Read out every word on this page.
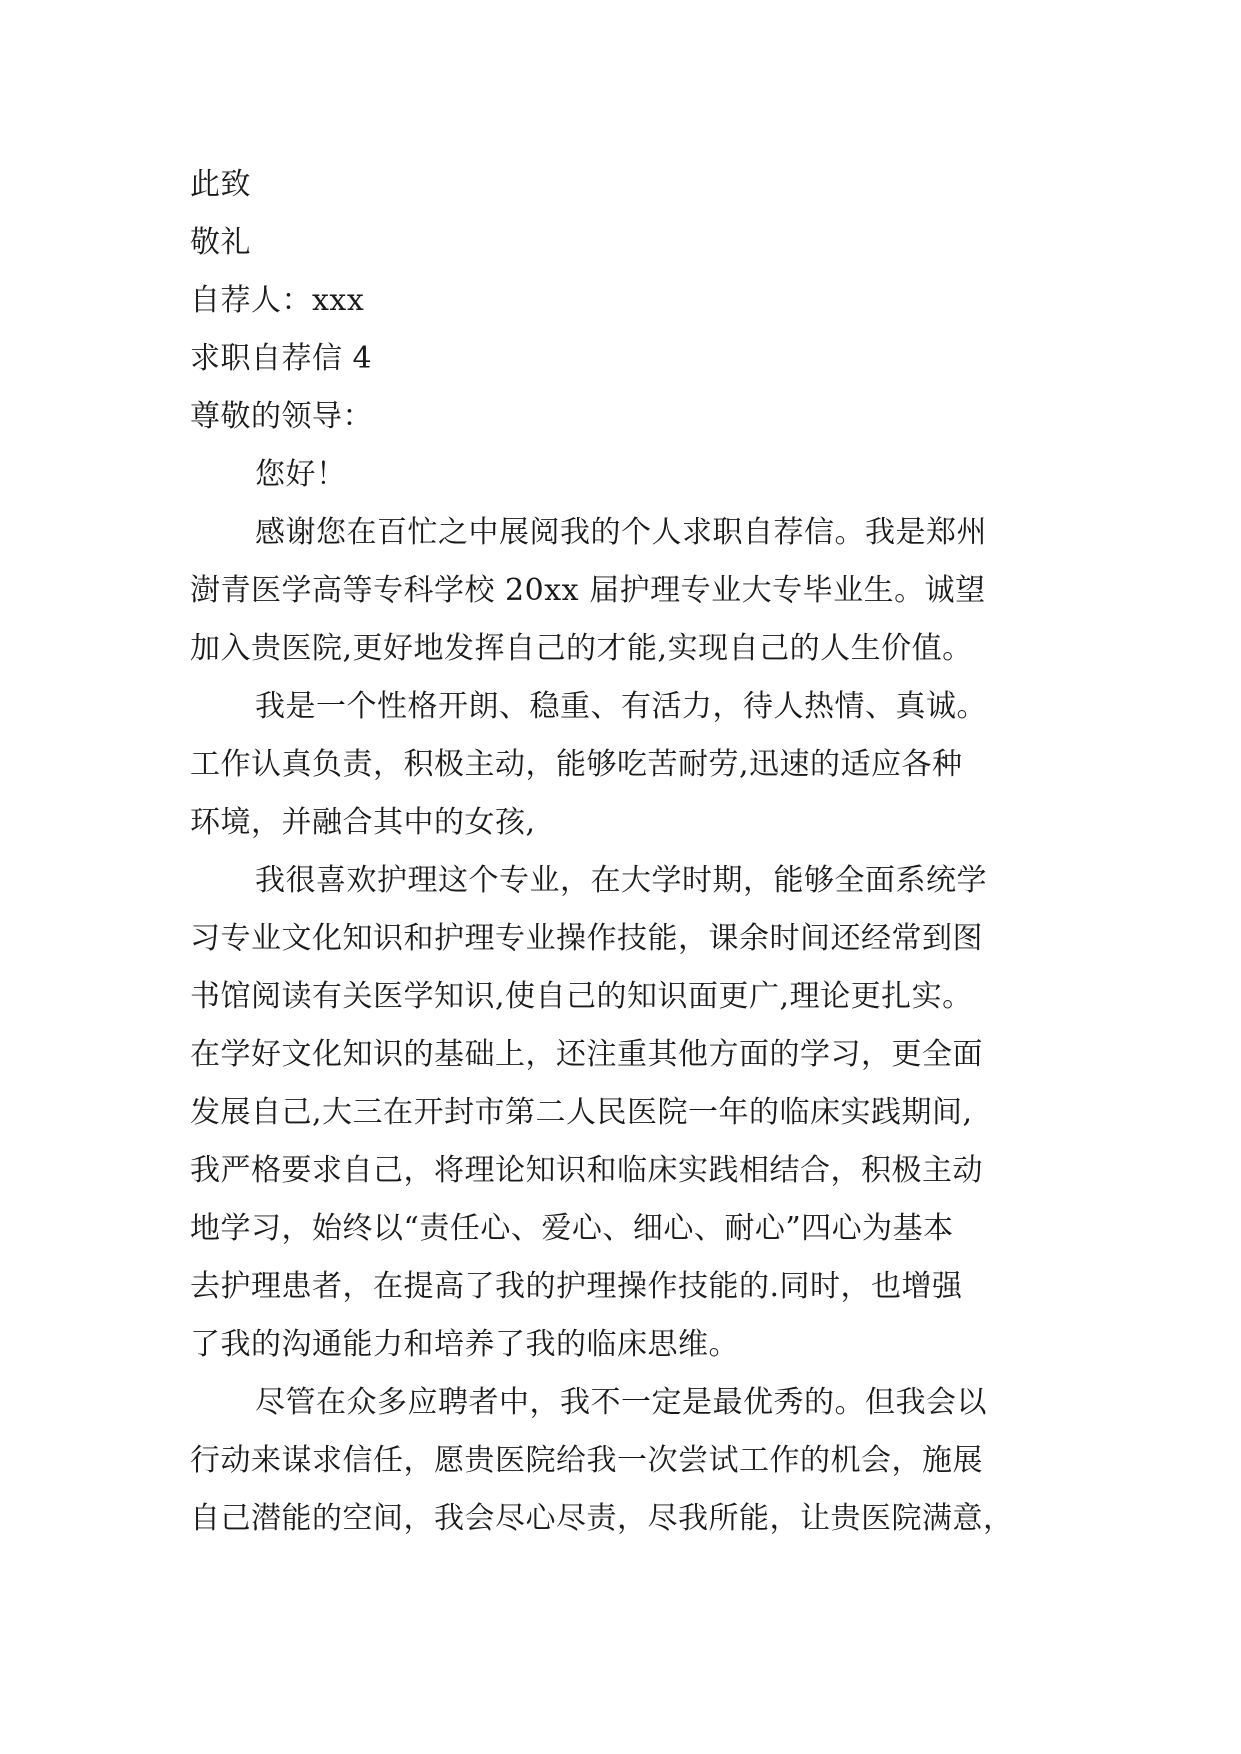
此致
敬礼
自荐人：xxx
求职自荐信 4
尊敬的领导：
您好！
感谢您在百忙之中展阅我的个人求职自荐信。我是郑州
澍青医学高等专科学校 20xx 届护理专业大专毕业生。诚望
加入贵医院,更好地发挥自己的才能,实现自己的人生价值。
我是一个性格开朗、稳重、有活力，待人热情、真诚。
工作认真负责，积极主动，能够吃苦耐劳,迅速的适应各种
环境，并融合其中的女孩,
我很喜欢护理这个专业，在大学时期，能够全面系统学
习专业文化知识和护理专业操作技能，课余时间还经常到图
书馆阅读有关医学知识,使自己的知识面更广,理论更扎实。
在学好文化知识的基础上，还注重其他方面的学习，更全面
发展自己,大三在开封市第二人民医院一年的临床实践期间,
我严格要求自己，将理论知识和临床实践相结合，积极主动
地学习，始终以“责任心、爱心、细心、耐心”四心为基本
去护理患者，在提高了我的护理操作技能的.同时，也增强
了我的沟通能力和培养了我的临床思维。
尽管在众多应聘者中，我不一定是最优秀的。但我会以
行动来谋求信任，愿贵医院给我一次尝试工作的机会，施展
自己潜能的空间，我会尽心尽责，尽我所能，让贵医院满意，
